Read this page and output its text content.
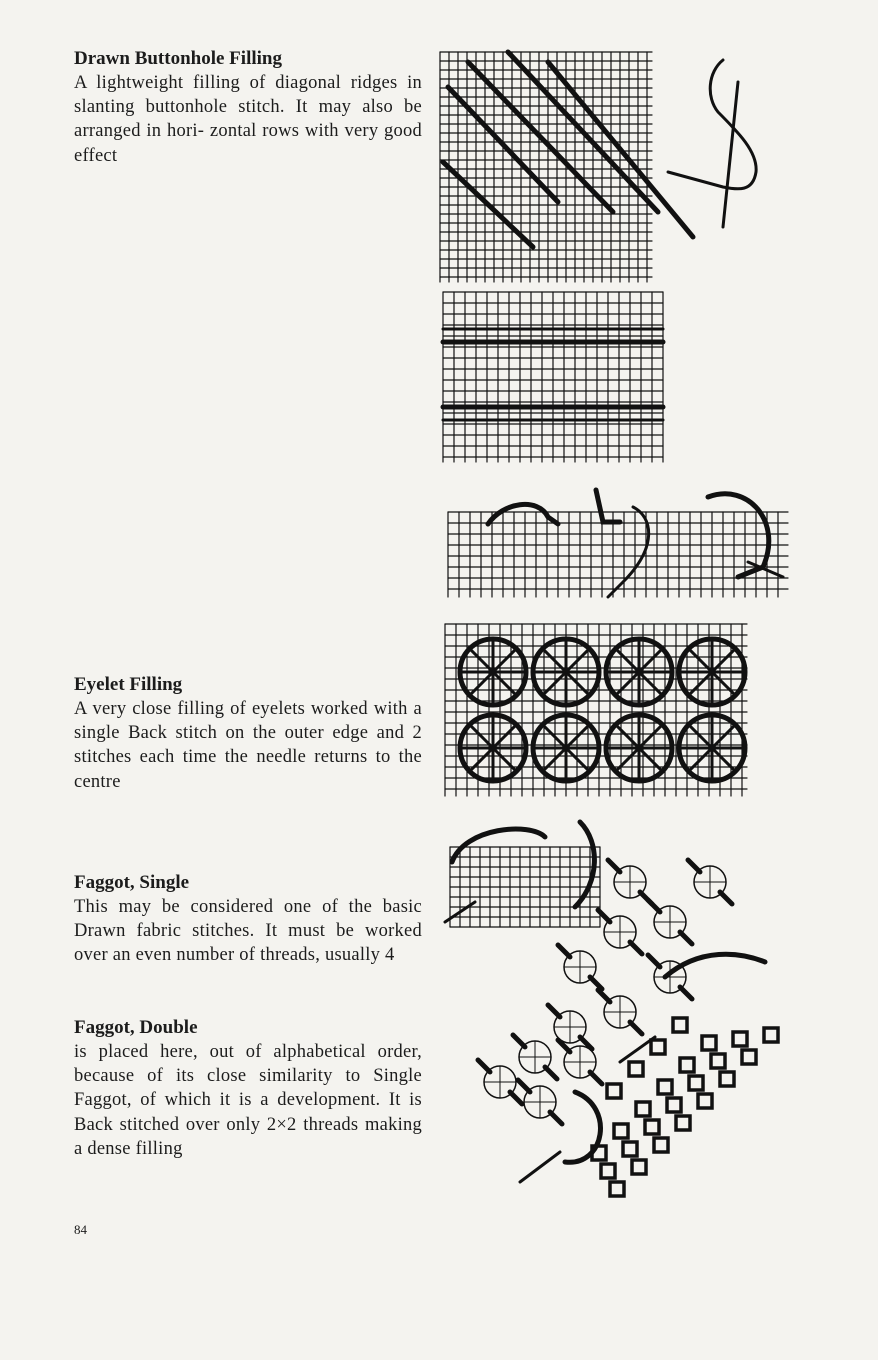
Drawn Buttonhole Filling

A lightweight filling of diagonal ridges in slanting buttonhole stitch. It may also be arranged in hori- zontal rows with very good effect

Eyelet Filling

A very close filling of eyelets worked with a single Back stitch on the outer edge and 2 stitches each time the needle returns to the centre

Faggot, Single

This may be considered one of the basic Drawn fabric stitches. It must be worked over an even number of threads, usually 4

Faggot, Double

is placed here, out of alphabetical order, because of its close similarity to Single Faggot, of which it is a development. It is Back stitched over only 2×2 threads making a dense filling

84
